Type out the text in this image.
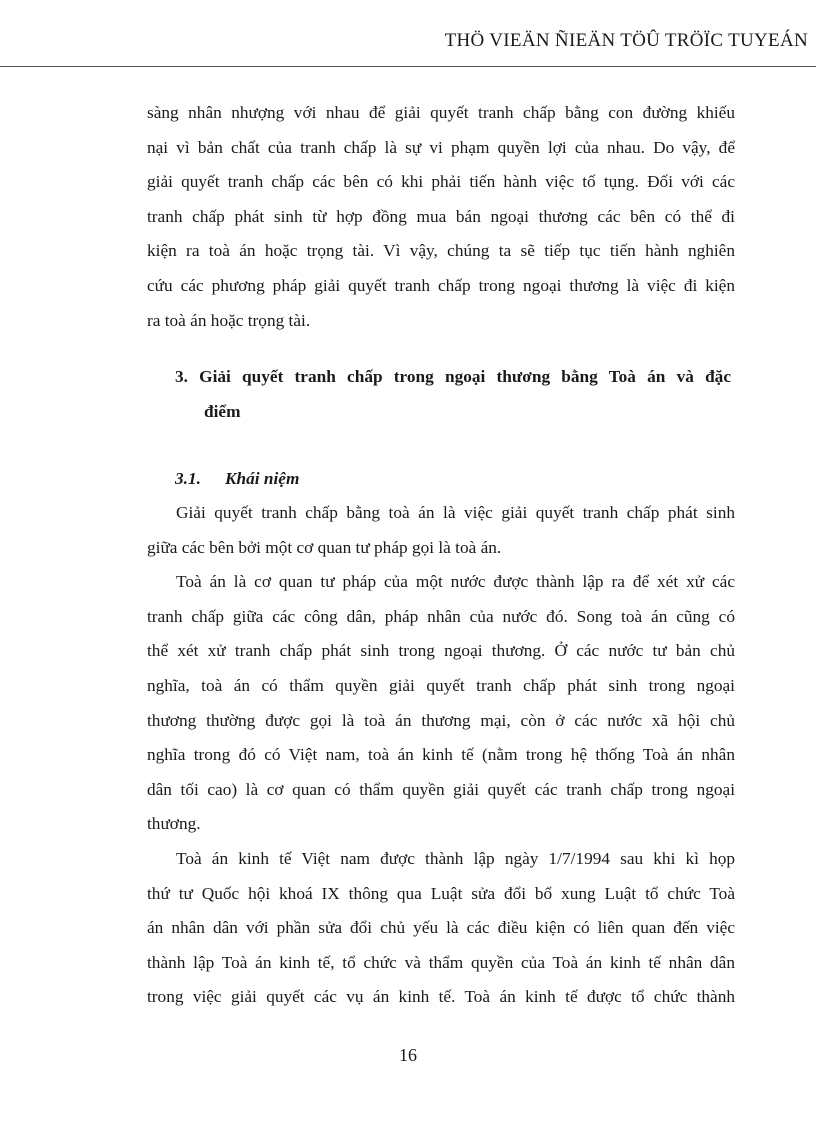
THÖ VIEÄN ÑIEÄN TÖÛ TRÖÏC TUYEÁN
sàng nhân nhượng với nhau để giải quyết tranh chấp bằng con đường khiếu
nại vì bản chất của tranh chấp là sự vi phạm quyền lợi của nhau. Do vậy, để
giải quyết tranh chấp các bên có khi phải tiến hành việc tố tụng. Đối với các
tranh chấp phát sinh từ hợp đồng mua bán ngoại thương các bên có thể đi
kiện ra toà án hoặc trọng tài. Vì vậy, chúng ta sẽ tiếp tục tiến hành nghiên
cứu các phương pháp giải quyết tranh chấp trong ngoại thương là việc đi kiện
ra toà án hoặc trọng tài.
3. Giải quyết tranh chấp trong ngoại thương bằng Toà án và đặc
điểm
3.1. Khái niệm
Giải quyết tranh chấp bằng toà án là việc giải quyết tranh chấp phát sinh
giữa các bên bởi một cơ quan tư pháp gọi là toà án.
Toà án là cơ quan tư pháp của một nước được thành lập ra để xét xử các
tranh chấp giữa các công dân, pháp nhân của nước đó. Song toà án cũng có
thể xét xử tranh chấp phát sinh trong ngoại thương. Ở các nước tư bản chủ
nghĩa, toà án có thẩm quyền giải quyết tranh chấp phát sinh trong ngoại
thương thường được gọi là toà án thương mại, còn ở các nước xã hội chủ
nghĩa trong đó có Việt nam, toà án kinh tế (nằm trong hệ thống Toà án nhân
dân tối cao) là cơ quan có thẩm quyền giải quyết các tranh chấp trong ngoại
thương.
Toà án kinh tế Việt nam được thành lập ngày 1/7/1994 sau khi kì họp
thứ tư Quốc hội khoá IX thông qua Luật sửa đổi bổ xung Luật tổ chức Toà
án nhân dân với phần sửa đổi chủ yếu là các điều kiện có liên quan đến việc
thành lập Toà án kinh tế, tổ chức và thẩm quyền của Toà án kinh tế nhân dân
trong việc giải quyết các vụ án kinh tế. Toà án kinh tế được tổ chức thành
16
